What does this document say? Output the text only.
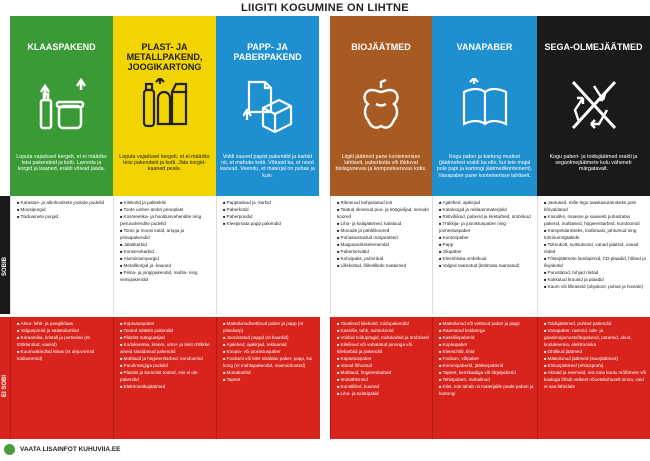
LIIGITI KOGUMINE ON LIHTNE
SOBIB
EI SOBI
KLAASPAKEND
Loputa vajadusel kergelt, et ei määriks teisi pakendeid ja kotti. Lameda ja korgid ja kaaned, eraldi võivad jääda.
■ Karastus- ja alkohoolsete jookide pudelid
■ Moosipurgid
■ Toiduainete purgid
■ Aknа- lehti- ja peegliklaas
■ Valguspirnid ja säästulambid
■ Keraamika, kristall ja portselan (nt tööklandud, vaasid)
■ Kuumuskindlad klaas (nt ahjuvormid toiduvormid)
PLAST- JA METALLPAKEND, JOOGIKARTONG
Loputa vajadusel kergelt, et ei määriks teisi pakendeid ja kotti. Jäta korgid-kaaned peale.
■ Kilekotid ja pakkekile
■ Toote umber-ümbri penoplast
■ Kosmeetika- ja hooldusvahendite ning pesuvahendite pudelid
■ Tooni ja mooni kotid, ampja ja piimapakendid
■ Jalatikarbid
■ Konservikarbid
■ Alumiiniumpurgid
■ Metallkorgid ja -kaaned
■ Piima- ja joogipakendid, mahla- ning veinipakendid
■ Kopsutuspaber
■ Tooted mitteks pakendid
■ Plastist mänguasjad
■ Kodukeemia, kreem, värvi- ja teist ohtlikke aineid sisaldanud pakendid
■ Mahlaud ja hügieenitarbed, kondoomid
■ Pandimärgiga pudelid
■ Plastist ja kummist tooted, mis ei ole pakendid
■ Elektroonikajäätmed
PAPP- JA PABERPAKEND
Voldi suured papist pakendid ja karbid nii, et mahuks kotti. Võtuoid ka, et need kaovad. Veendu, et materjal on puhas ja kuiv.
■ Papptaskud ja -karbid
■ Paberkotid
■ Paberpoodid
■ Kleepimata papp pakendid
■ Määrdunud/vettinud paber ja papp (nt pitsakarp)
■ Joonistatud pappd (nt kaardid)
■ Ajalehed, ajakirjad, reklaamid
■ Koopia- või joonistuspaber
■ Fooliumi või kilet sisaldav paber, papp, kui kong (nt mahlapakendid, maimaritooted)
■ Munakarbid
■ Tapeet
BIOJÄÄTMED
Liigiti jäätmed pane konteinerisse lahtiselt, paberkotta või lõiduval biolagunevas ja komposteeruvas kotis.
■ Riknenud kahjustatud toit
■ Teatud riknenud puu- ja köögiviljad, seriade koored
■ Liha- ja kalajäätmed, kalaluud
■ Munade ja pähklikoored
■ Puhastustoidud marjaratsed
■ Maiguandmiselemendid
■ Paberservätid
■ Kohvipaks, puhvritud
■ Lillekoltud, lõikelillede toataimed
■ Tavalised kilekotid, toidupakendid
■ Kassiliiv, tuhk, suitsukonid
■ Voldud toiduprügid, toidukarbid ja ümbrised
■ Kileilised või vahatatud pinnaga või kilekarbiid ja pakendid
■ Küpsetuspaber
■ Vanad lõhustud
■ Mahlaud, hügieenitarbed
■ Imimähkmeid
■ Kunstlilled, kuuned
■ Liha- ja salatipakid
VANAPABER
Kogu paber ja kartong mudest (jäätmetest eraldi ka elle, kui teie majal pole papi ja kartongi jäätmedkonteinerit). Vanapaber pane konteinerisse lahtiselt.
■ Ajalehed, ajakirjad
■ Kataloogid ja reklaammaterjalid
■ Ristvihikud, paberid ja kiretarbed, ümbrikud
■ Trükkija- ja joonistuspaber ning joonestuspaber
■ Kontoripaber
■ Papp
■ Jõupaber
■ Kleeshkata umbrikuid
■ Valged raamatud (köitmata raamatud)
■ Määrdunud või vettinud paber ja papp
■ Raamatud köidetega
■ Kassiliivpaberid
■ Kopsupaber
■ Kleeschild, tihid
■ Foolium, võipaber
■ Kommipaberid, jäätisepaberid
■ Tapeet, kemikaaliga või tõrjepaberid
■ Tehispaberi, mahalinud
■ Kilet, mis tahab nii materjalile peale paberi ja kartongi
SEGA-OLMEJÄÄTMED
Kogu paberi- ja toidujäätmed eraldi ja segaolmejäätmete kulu väheneb märgatavalt.
■ Jaotused, mille tegu taaskasutamiseks pole kõrvaldatud
■ Kosutiks, maasse ja saasesti puhastatav pakend, mahlased, hügieenitarbed, kondoomid
■ Kümpeldamiseks, loutbraasi, jahtumud ning tuhmiumisjääkide
■ Tolmukott, suitsukonid, vanad jalatsid, vanad riided
■ Tõstejäätmete lambipirnid, CD-plaadid, hõbed ja liivjakotid
■ Purustatud, tuhjad riistad
■ Kukkutud kruusid ja plaadid
■ Kaum või lilleaseid (ahjukoor, puhas ja hoviale)
■ Toidujäätmed, puhtad pakendid
■ Vanapaber, ravimid, tule- ja gaasimojamustvõtupakend, patareid, akud, kodukeemia, elektroonika
■ Ohtlikud jäätmed
■ Määrdunud jäätmed (suurjäätmed)
■ Ehitusjäätmed (ehitusprahi)
■ Aknaid ja esemeid, mis oma kuulu mõõtmete või kaaluga lõhub väikest nõuetekohaselt sinna, vaid ei saa lähedale
VAATA LISAINFOT KUHUVIIA.EE
